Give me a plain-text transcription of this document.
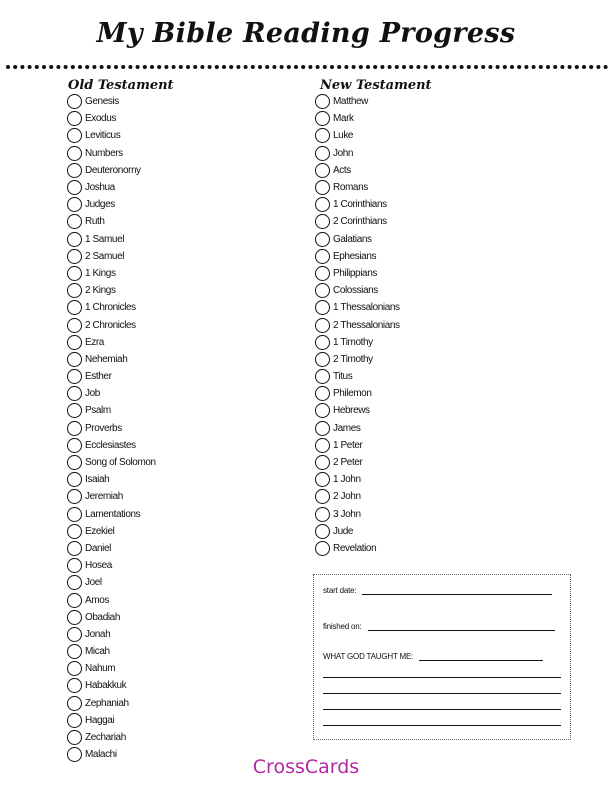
My Bible Reading Progress
Old Testament
Genesis
Exodus
Leviticus
Numbers
Deuteronomy
Joshua
Judges
Ruth
1 Samuel
2 Samuel
1 Kings
2 Kings
1 Chronicles
2 Chronicles
Ezra
Nehemiah
Esther
Job
Psalm
Proverbs
Ecclesiastes
Song of Solomon
Isaiah
Jeremiah
Lamentations
Ezekiel
Daniel
Hosea
Joel
Amos
Obadiah
Jonah
Micah
Nahum
Habakkuk
Zephaniah
Haggai
Zechariah
Malachi
New Testament
Matthew
Mark
Luke
John
Acts
Romans
1 Corinthians
2 Corinthians
Galatians
Ephesians
Philippians
Colossians
1 Thessalonians
2 Thessalonians
1 Timothy
2 Timothy
Titus
Philemon
Hebrews
James
1 Peter
2 Peter
1 John
2 John
3 John
Jude
Revelation
start date:
finished on:
WHAT GOD TAUGHT ME:
CrossCards
